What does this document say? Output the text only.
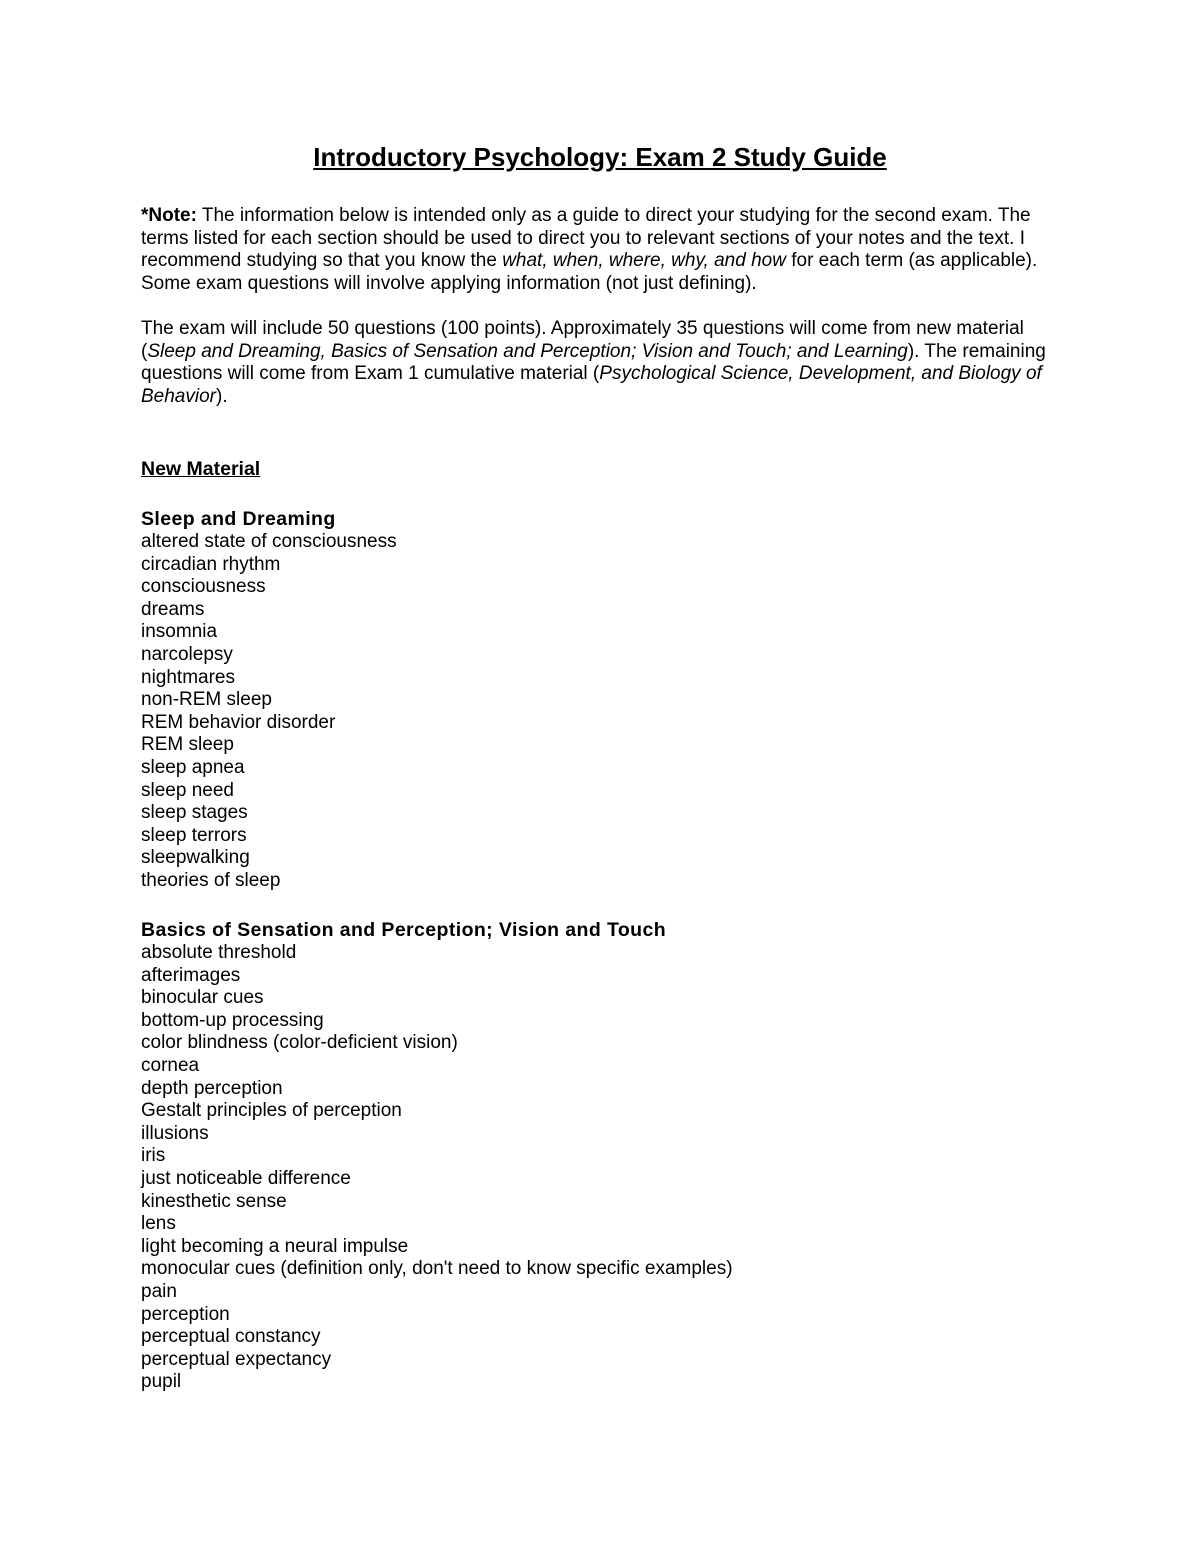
Introductory Psychology: Exam 2 Study Guide
*Note: The information below is intended only as a guide to direct your studying for the second exam. The terms listed for each section should be used to direct you to relevant sections of your notes and the text. I recommend studying so that you know the what, when, where, why, and how for each term (as applicable). Some exam questions will involve applying information (not just defining).
The exam will include 50 questions (100 points). Approximately 35 questions will come from new material (Sleep and Dreaming, Basics of Sensation and Perception; Vision and Touch; and Learning). The remaining questions will come from Exam 1 cumulative material (Psychological Science, Development, and Biology of Behavior).
New Material
Sleep and Dreaming
altered state of consciousness
circadian rhythm
consciousness
dreams
insomnia
narcolepsy
nightmares
non-REM sleep
REM behavior disorder
REM sleep
sleep apnea
sleep need
sleep stages
sleep terrors
sleepwalking
theories of sleep
Basics of Sensation and Perception; Vision and Touch
absolute threshold
afterimages
binocular cues
bottom-up processing
color blindness (color-deficient vision)
cornea
depth perception
Gestalt principles of perception
illusions
iris
just noticeable difference
kinesthetic sense
lens
light becoming a neural impulse
monocular cues (definition only, don't need to know specific examples)
pain
perception
perceptual constancy
perceptual expectancy
pupil
